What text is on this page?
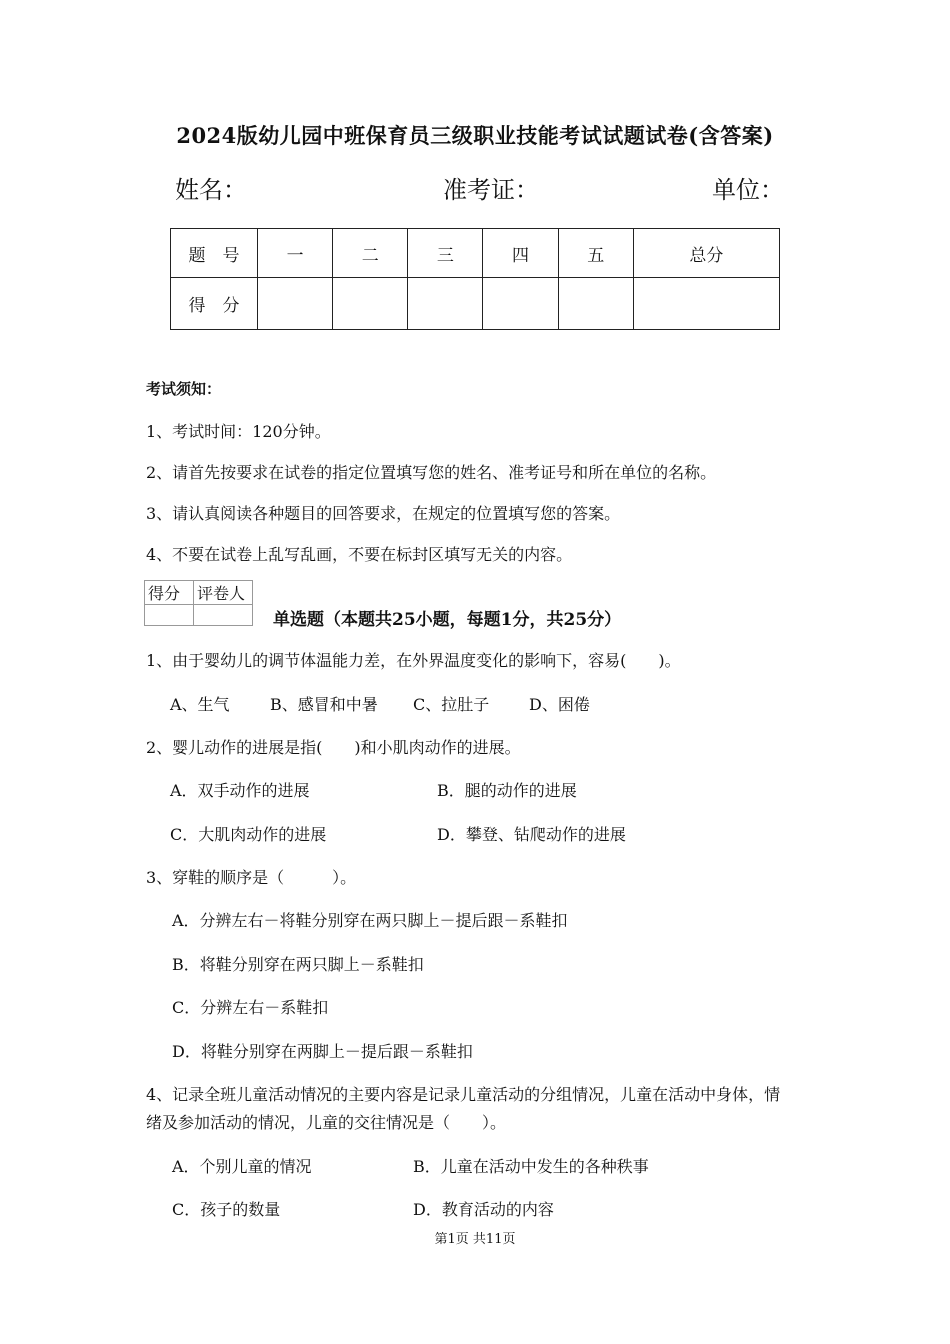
2024版幼儿园中班保育员三级职业技能考试试题试卷(含答案)
姓名：	准考证：	单位：
题　号	一	二	三	四	五	总分
得　分						
考试须知：
1、考试时间：120分钟。
2、请首先按要求在试卷的指定位置填写您的姓名、准考证号和所在单位的名称。
3、请认真阅读各种题目的回答要求，在规定的位置填写您的答案。
4、不要在试卷上乱写乱画，不要在标封区填写无关的内容。
得分	评卷人

单选题（本题共25小题，每题1分，共25分）
1、由于婴幼儿的调节体温能力差，在外界温度变化的影响下，容易(　　)。
A、生气	B、感冒和中暑 C、拉肚子 D、困倦
2、婴儿动作的进展是指(　　)和小肌肉动作的进展。
A．双手动作的进展	B．腿的动作的进展
C．大肌肉动作的进展	D．攀登、钻爬动作的进展
3、穿鞋的顺序是（　　　）。
A．分辨左右－将鞋分别穿在两只脚上－提后跟－系鞋扣
B．将鞋分别穿在两只脚上－系鞋扣
C．分辨左右－系鞋扣
D．将鞋分别穿在两脚上－提后跟－系鞋扣
4、记录全班儿童活动情况的主要内容是记录儿童活动的分组情况，儿童在活动中身体，情
绪及参加活动的情况，儿童的交往情况是（　　）。
A．个别儿童的情况	B．儿童在活动中发生的各种秩事
C．孩子的数量	D．教育活动的内容
第1页 共11页
